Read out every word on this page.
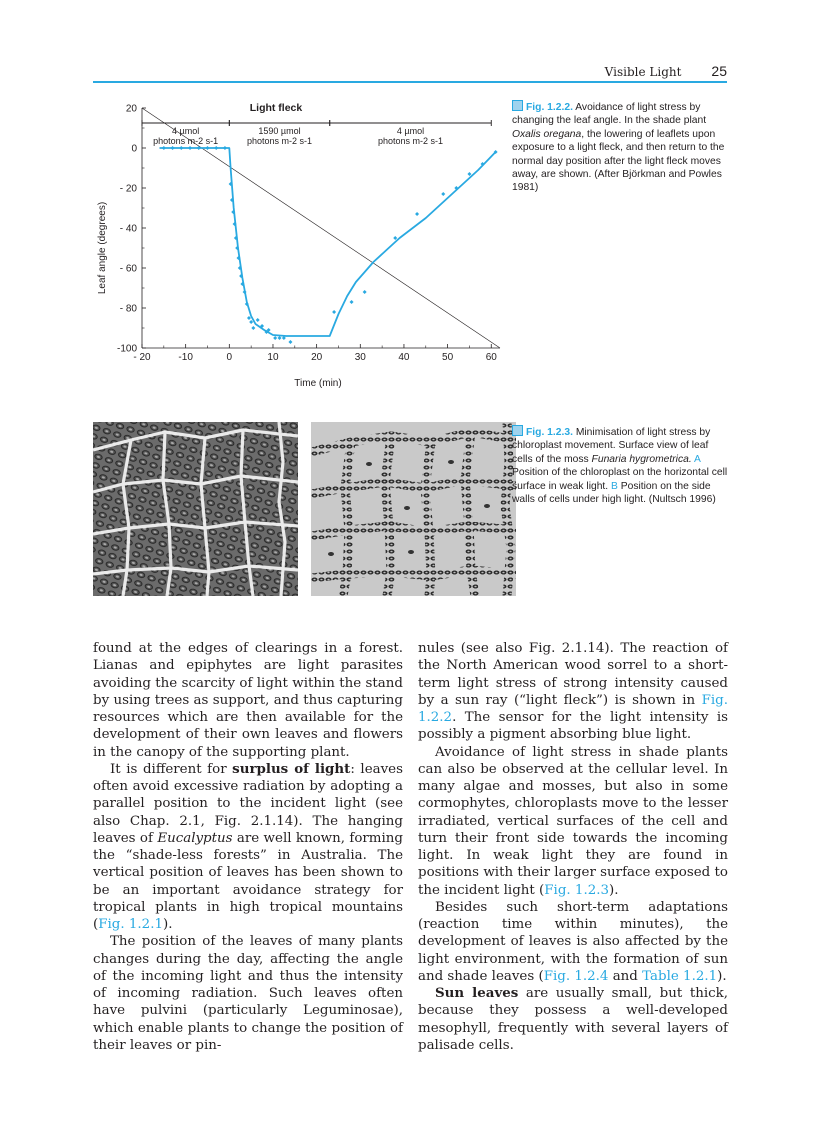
Visible Light 25
- 20	-10	0	10	20	30	40	50	60
20
0
- 20
- 40
- 60
- 80
-100
4 µmol
photons m-2 s-1
1590 µmol
photons m-2 s-1
4 µmol
photons m-2 s-1
Light fleck
Time (min)
Leaf angle (degrees)
Fig. 1.2.2. Avoidance of light stress by changing the leaf angle. In the shade plant Oxalis oregana, the lowering of leaflets upon exposure to a light fleck, and then return to the normal day position after the light fleck moves away, are shown. (After Björkman and Powles 1981)
Fig. 1.2.3. Minimisation of light stress by chloroplast movement. Surface view of leaf cells of the moss Funaria hygrometrica. A Position of the chloroplast on the horizontal cell surface in weak light. B Position on the side walls of cells under high light. (Nultsch 1996)

found at the edges of clearings in a forest. Lianas and epiphytes are light parasites avoiding the scarcity of light within the stand by using trees as support, and thus capturing resources which are then available for the development of their own leaves and flowers in the canopy of the supporting plant.

It is different for surplus of light: leaves often avoid excessive radiation by adopting a parallel position to the incident light (see also Chap. 2.1, Fig. 2.1.14). The hanging leaves of Eucalyptus are well known, forming the “shade-less forests” in Australia. The vertical position of leaves has been shown to be an important avoidance strategy for tropical plants in high tropical mountains (Fig. 1.2.1).

The position of the leaves of many plants changes during the day, affecting the angle of the incoming light and thus the intensity of incoming radiation. Such leaves often have pulvini (particularly Leguminosae), which enable plants to change the position of their leaves or pin-

nules (see also Fig. 2.1.14). The reaction of the North American wood sorrel to a short-term light stress of strong intensity caused by a sun ray (“light fleck”) is shown in Fig. 1.2.2. The sensor for the light intensity is possibly a pigment absorbing blue light.

Avoidance of light stress in shade plants can also be observed at the cellular level. In many algae and mosses, but also in some cormophytes, chloroplasts move to the lesser irradiated, vertical surfaces of the cell and turn their front side towards the incoming light. In weak light they are found in positions with their larger surface exposed to the incident light (Fig. 1.2.3).

Besides such short-term adaptations (reaction time within minutes), the development of leaves is also affected by the light environment, with the formation of sun and shade leaves (Fig. 1.2.4 and Table 1.2.1).

Sun leaves are usually small, but thick, because they possess a well-developed mesophyll, frequently with several layers of palisade cells.
